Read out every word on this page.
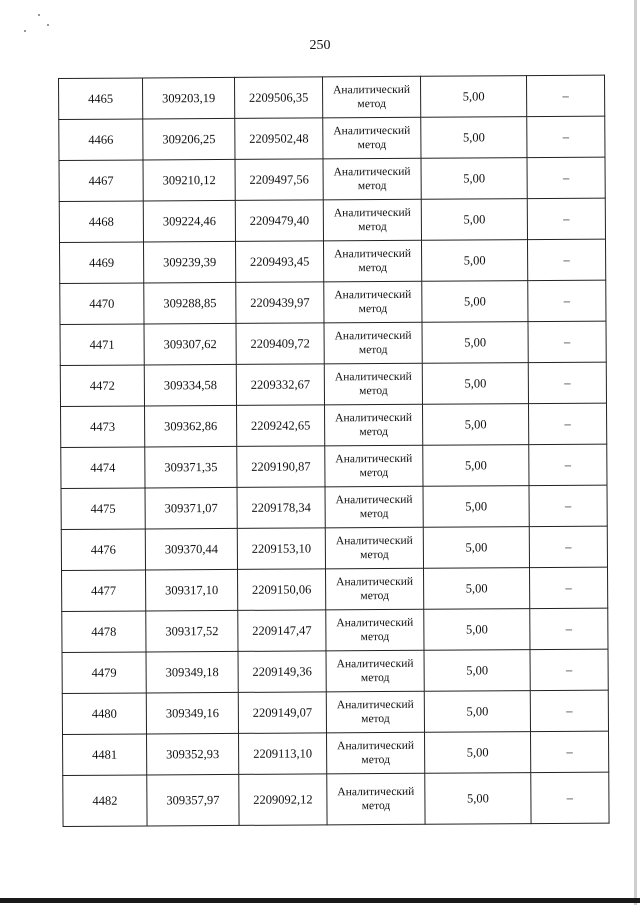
250
4465	309203,19	2209506,35	Аналитический
метод	5,00	–
4466	309206,25	2209502,48	Аналитический
метод	5,00	–
4467	309210,12	2209497,56	Аналитический
метод	5,00	–
4468	309224,46	2209479,40	Аналитический
метод	5,00	–
4469	309239,39	2209493,45	Аналитический
метод	5,00	–
4470	309288,85	2209439,97	Аналитический
метод	5,00	–
4471	309307,62	2209409,72	Аналитический
метод	5,00	–
4472	309334,58	2209332,67	Аналитический
метод	5,00	–
4473	309362,86	2209242,65	Аналитический
метод	5,00	–
4474	309371,35	2209190,87	Аналитический
метод	5,00	–
4475	309371,07	2209178,34	Аналитический
метод	5,00	–
4476	309370,44	2209153,10	Аналитический
метод	5,00	–
4477	309317,10	2209150,06	Аналитический
метод	5,00	–
4478	309317,52	2209147,47	Аналитический
метод	5,00	–
4479	309349,18	2209149,36	Аналитический
метод	5,00	–
4480	309349,16	2209149,07	Аналитический
метод	5,00	–
4481	309352,93	2209113,10	Аналитический
метод	5,00	–
4482	309357,97	2209092,12	Аналитический
метод	5,00	–
